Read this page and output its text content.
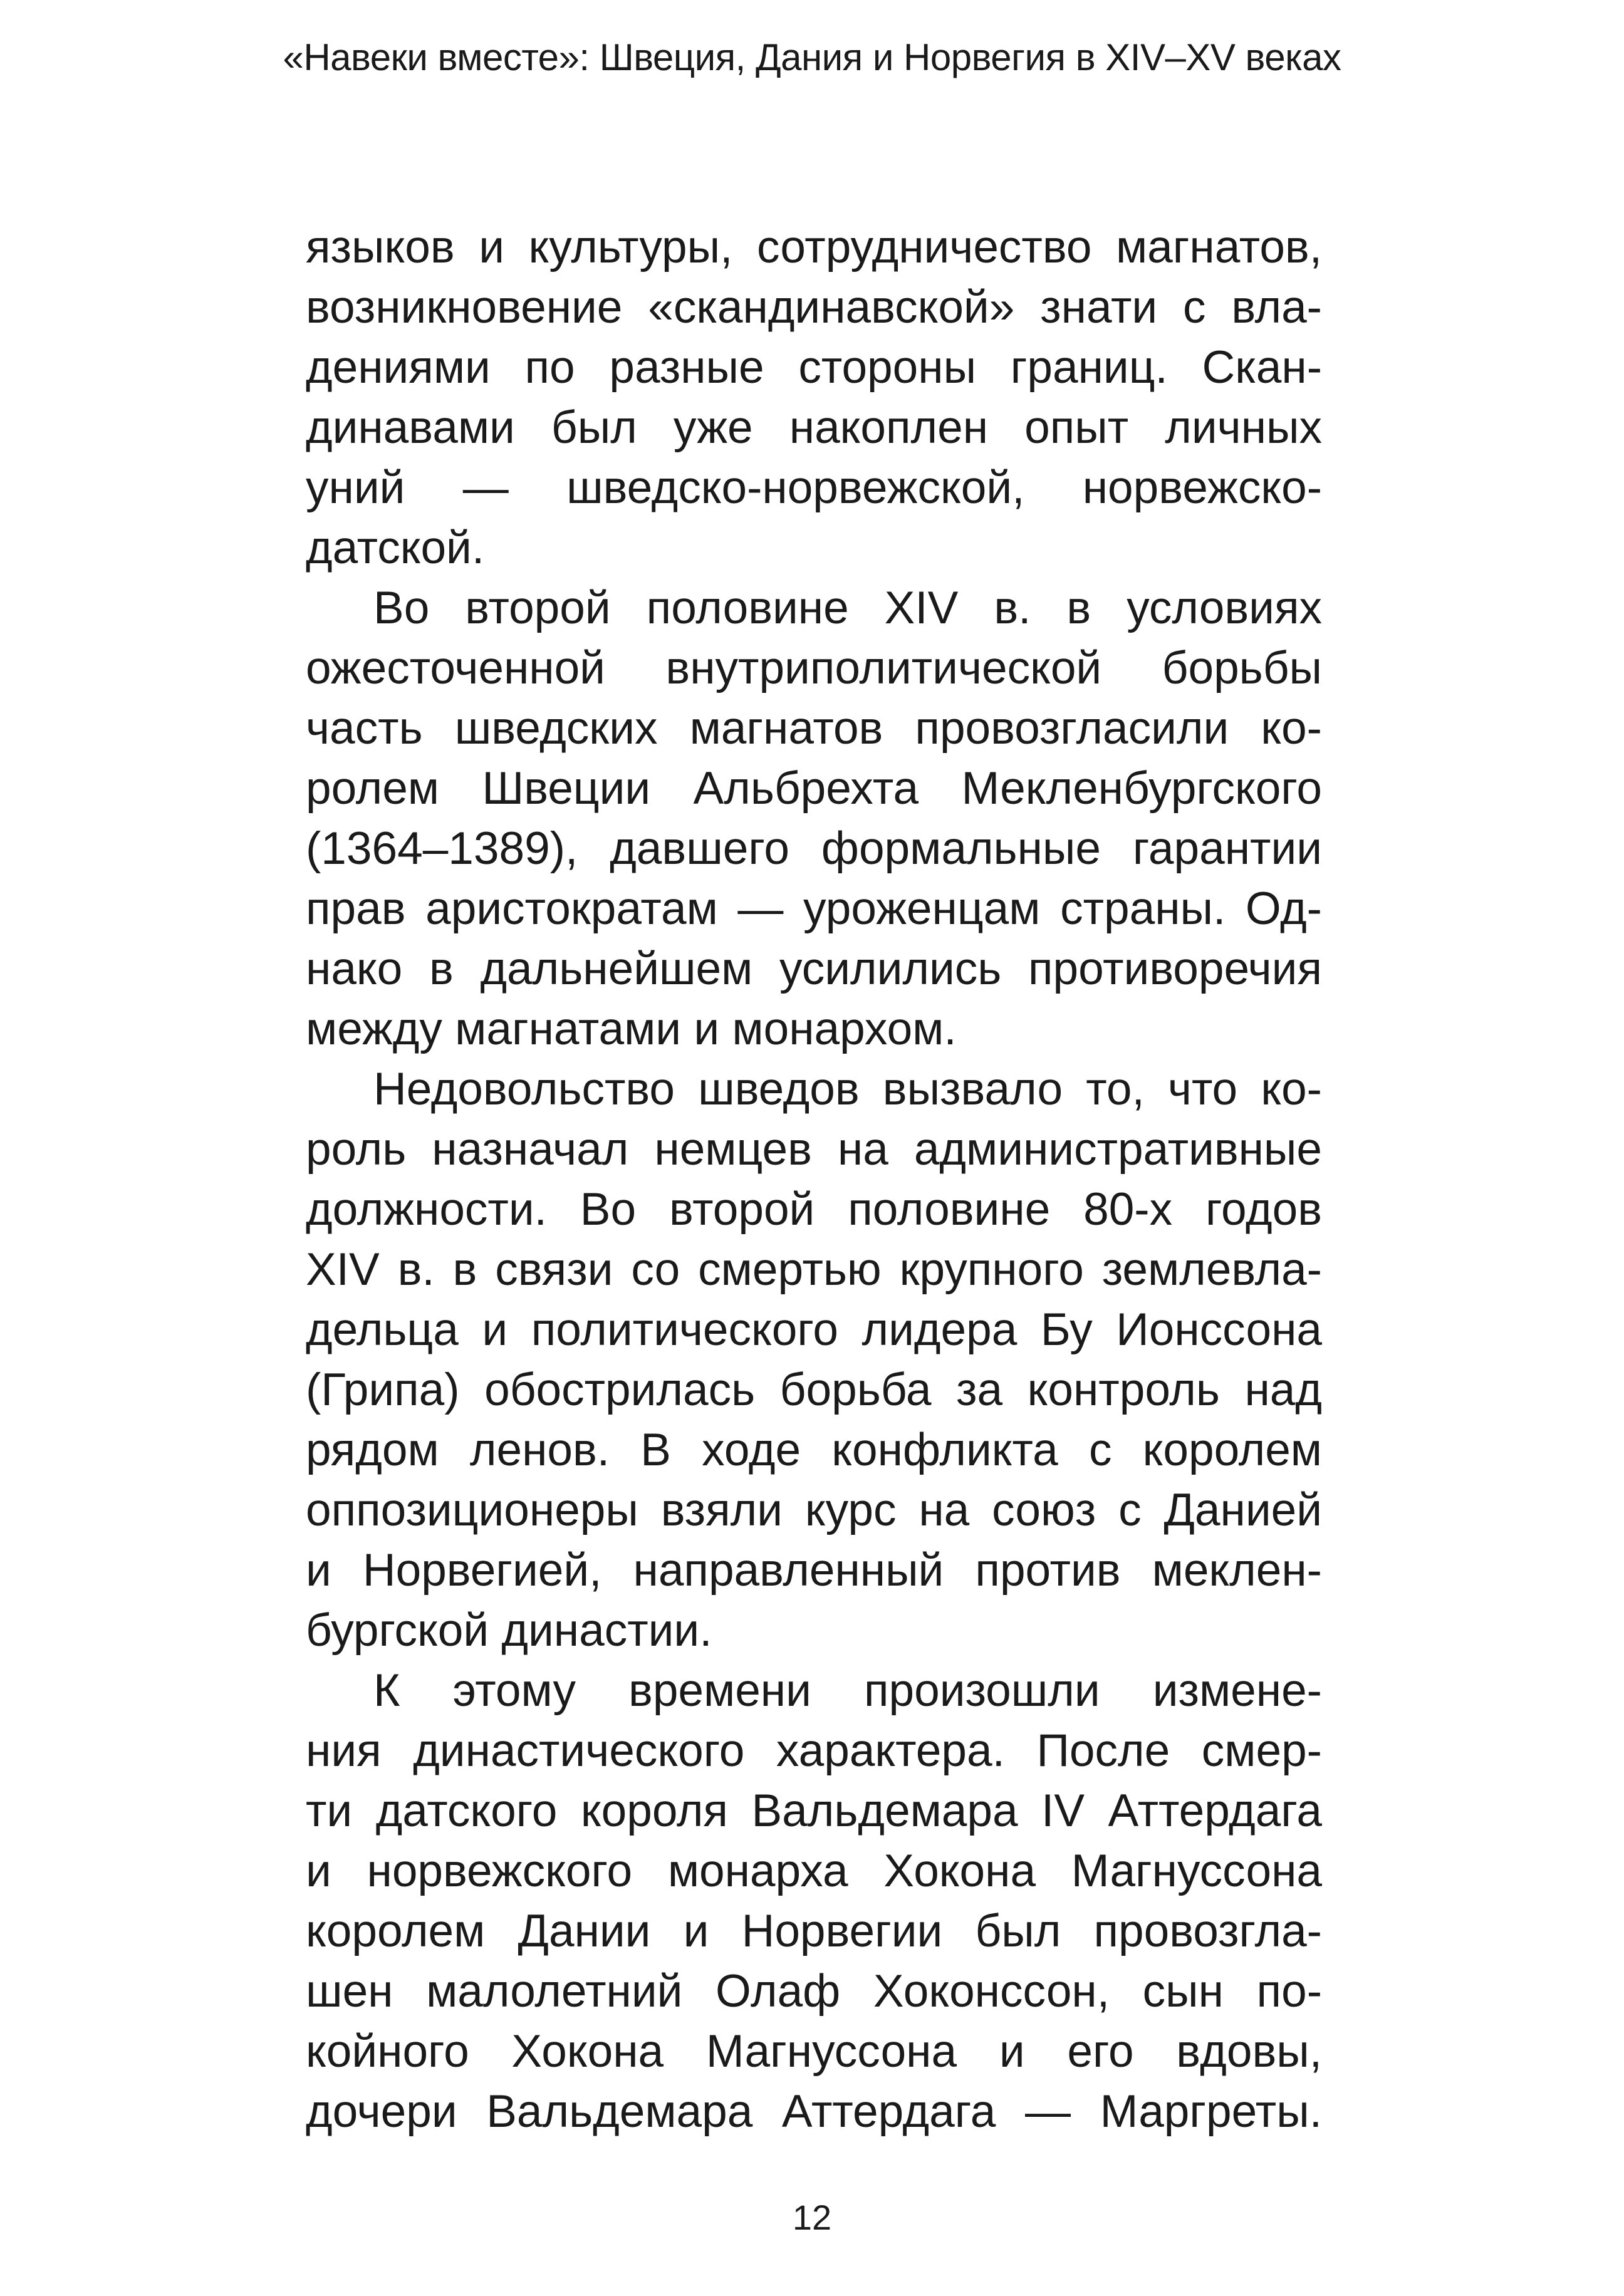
«Навеки вместе»: Швеция, Дания и Норвегия в XIV–XV веках
языков и культуры, сотрудничество магнатов,
возникновение «скандинавской» знати с вла-
дениями по разные стороны границ. Скан-
динавами был уже накоплен опыт личных
уний — шведско-норвежской, норвежско-
датской.
Во второй половине XIV в. в условиях
ожесточенной внутриполитической борьбы
часть шведских магнатов провозгласили ко-
ролем Швеции Альбрехта Мекленбургского
(1364–1389), давшего формальные гарантии
прав аристократам — уроженцам страны. Од-
нако в дальнейшем усилились противоречия
между магнатами и монархом.
Недовольство шведов вызвало то, что ко-
роль назначал немцев на административные
должности. Во второй половине 80-х годов
XIV в. в связи со смертью крупного землевла-
дельца и политического лидера Бу Ионссона
(Грипа) обострилась борьба за контроль над
рядом ленов. В ходе конфликта с королем
оппозиционеры взяли курс на союз с Данией
и Норвегией, направленный против меклен-
бургской династии.
К этому времени произошли измене-
ния династического характера. После смер-
ти датского короля Вальдемара IV Аттердага
и норвежского монарха Хокона Магнуссона
королем Дании и Норвегии был провозгла-
шен малолетний Олаф Хоконссон, сын по-
койного Хокона Магнуссона и его вдовы,
дочери Вальдемара Аттердага — Маргреты.
12
